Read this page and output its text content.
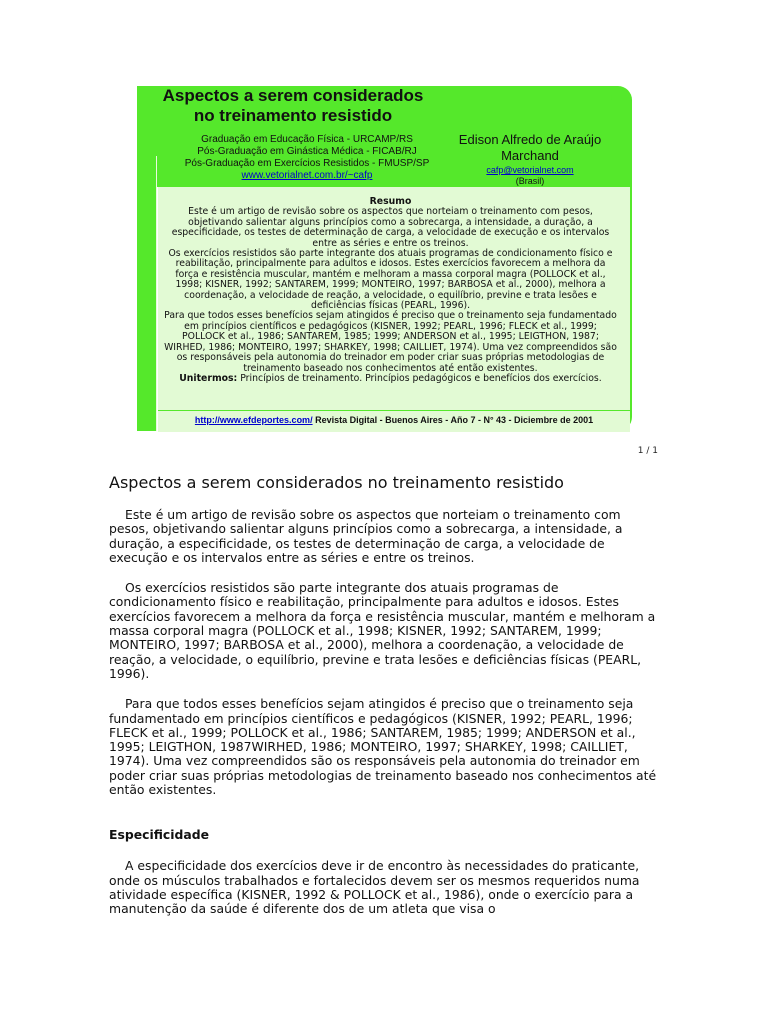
Aspectos a serem considerados
no treinamento resistido
Graduação em Educação Física - URCAMP/RS
Pós-Graduação em Ginástica Médica - FICAB/RJ
Pós-Graduação em Exercícios Resistidos - FMUSP/SP
www.vetorialnet.com.br/~cafp
Edison Alfredo de Araújo
Marchand
cafp@vetorialnet.com
(Brasil)
Resumo

Este é um artigo de revisão sobre os aspectos que norteiam o treinamento com pesos, objetivando salientar alguns princípios como a sobrecarga, a intensidade, a duração, a especificidade, os testes de determinação de carga, a velocidade de execução e os intervalos entre as séries e entre os treinos.

Os exercícios resistidos são parte integrante dos atuais programas de condicionamento físico e reabilitação, principalmente para adultos e idosos. Estes exercícios favorecem a melhora da força e resistência muscular, mantém e melhoram a massa corporal magra (POLLOCK et al., 1998; KISNER, 1992; SANTAREM, 1999; MONTEIRO, 1997; BARBOSA et al., 2000), melhora a coordenação, a velocidade de reação, a velocidade, o equilíbrio, previne e trata lesões e deficiências físicas (PEARL, 1996).

Para que todos esses benefícios sejam atingidos é preciso que o treinamento seja fundamentado em princípios científicos e pedagógicos (KISNER, 1992; PEARL, 1996; FLECK et al., 1999; POLLOCK et al., 1986; SANTAREM, 1985; 1999; ANDERSON et al., 1995; LEIGTHON, 1987; WIRHED, 1986; MONTEIRO, 1997; SHARKEY, 1998; CAILLIET, 1974). Uma vez compreendidos são os responsáveis pela autonomia do treinador em poder criar suas próprias metodologias de treinamento baseado nos conhecimentos até então existentes.

Unitermos: Princípios de treinamento. Princípios pedagógicos e benefícios dos exercícios.

http://www.efdeportes.com/ Revista Digital - Buenos Aires - Año 7 - N° 43 - Diciembre de 2001
1 / 1
Aspectos a serem considerados no treinamento resistido

Este é um artigo de revisão sobre os aspectos que norteiam o treinamento com pesos, objetivando salientar alguns princípios como a sobrecarga, a intensidade, a duração, a especificidade, os testes de determinação de carga, a velocidade de execução e os intervalos entre as séries e entre os treinos.

Os exercícios resistidos são parte integrante dos atuais programas de condicionamento físico e reabilitação, principalmente para adultos e idosos. Estes exercícios favorecem a melhora da força e resistência muscular, mantém e melhoram a massa corporal magra (POLLOCK et al., 1998; KISNER, 1992; SANTAREM, 1999; MONTEIRO, 1997; BARBOSA et al., 2000), melhora a coordenação, a velocidade de reação, a velocidade, o equilíbrio, previne e trata lesões e deficiências físicas (PEARL, 1996).

Para que todos esses benefícios sejam atingidos é preciso que o treinamento seja fundamentado em princípios científicos e pedagógicos (KISNER, 1992; PEARL, 1996; FLECK et al., 1999; POLLOCK et al., 1986; SANTAREM, 1985; 1999; ANDERSON et al., 1995; LEIGTHON, 1987WIRHED, 1986; MONTEIRO, 1997; SHARKEY, 1998; CAILLIET, 1974). Uma vez compreendidos são os responsáveis pela autonomia do treinador em poder criar suas próprias metodologias de treinamento baseado nos conhecimentos até então existentes.

Especificidade

A especificidade dos exercícios deve ir de encontro às necessidades do praticante, onde os músculos trabalhados e fortalecidos devem ser os mesmos requeridos numa atividade específica (KISNER, 1992 & POLLOCK et al., 1986), onde o exercício para a manutenção da saúde é diferente dos de um atleta que visa o
